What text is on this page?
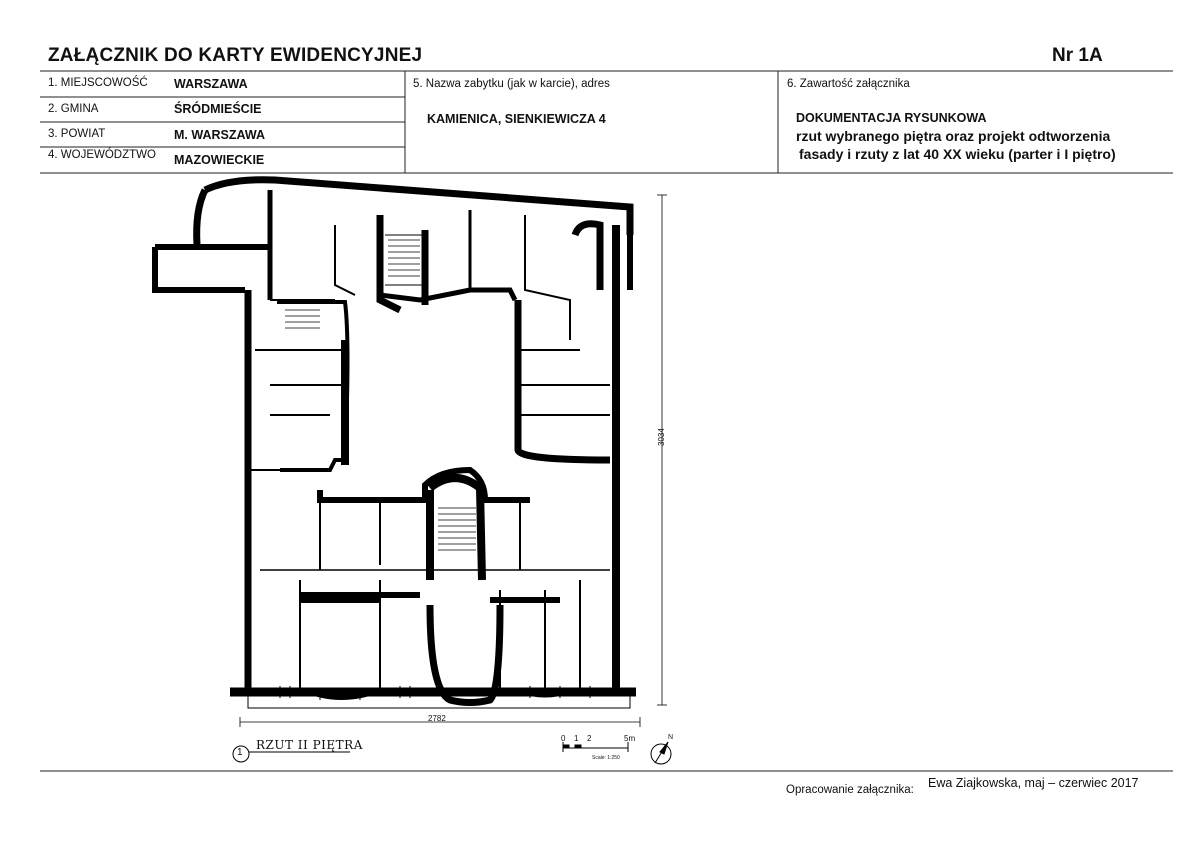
ZAŁĄCZNIK DO KARTY EWIDENCYJNEJ	Nr 1A
1. MIEJSCOWOŚĆ WARSZAWA
2. GMINA	ŚRÓDMIEŚCIE
3. POWIAT	M. WARSZAWA
4. WOJEWÓDZTWO MAZOWIECKIE
5. Nazwa zabytku (jak w karcie), adres
KAMIENICA, SIENKIEWICZA 4
6. Zawartość załącznika
DOKUMENTACJA RYSUNKOWA
rzut wybranego piętra oraz projekt odtworzenia
fasady i rzuty z lat 40 XX wieku (parter i I piętro)
3034
2782
1
RZUT II PIĘTRA	0 1 2	5m
Scale: 1:250
N
Opracowanie załącznika: Ewa Ziajkowska, maj – czerwiec 2017
